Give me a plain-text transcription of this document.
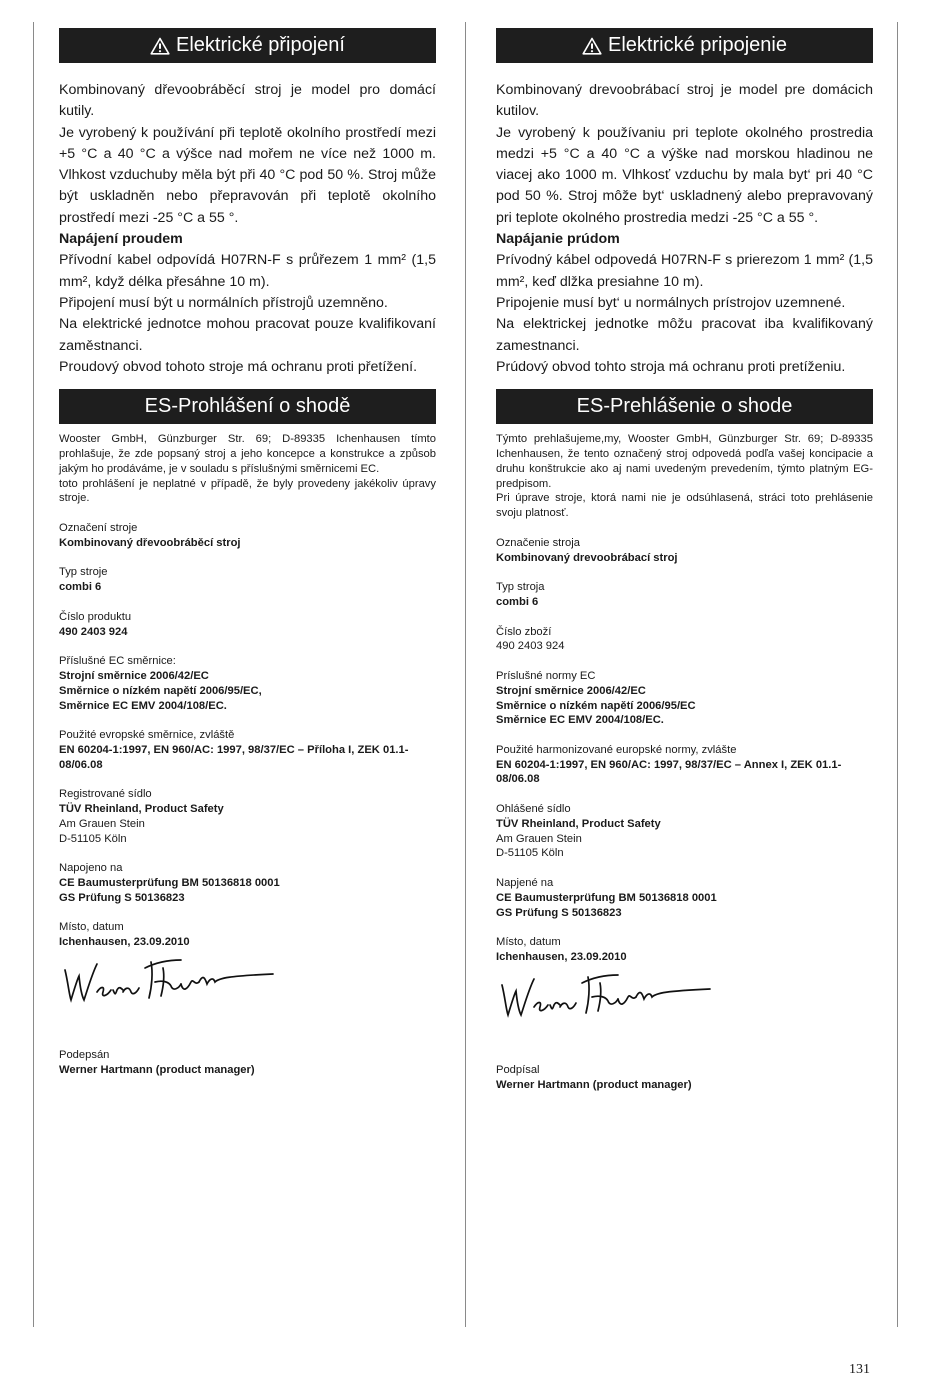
Elektrické připojení

Kombinovaný dřevoobráběcí stroj je model pro domácí kutily.

Je vyrobený k používání při teplotě okolního prostředí mezi +5 °C a 40 °C a výšce nad mořem ne více než 1000 m. Vlhkost vzduchuby měla být při 40 °C pod 50 %. Stroj může být uskladněn nebo přepravován při teplotě okolního prostředí mezi -25 °C a 55 °.

Napájení proudem

Přívodní kabel odpovídá H07RN-F s průřezem 1 mm² (1,5 mm², když délka přesáhne 10 m).

Připojení musí být u normálních přístrojů uzemněno.

Na elektrické jednotce mohou pracovat pouze kvalifikovaní zaměstnanci.

Proudový obvod tohoto stroje má ochranu proti přetížení.

ES-Prohlášení o shodě

Wooster GmbH, Günzburger Str. 69; D-89335 Ichenhausen tímto prohlašuje, že zde popsaný stroj a jeho koncepce a konstrukce a způsob jakým ho prodáváme, je v souladu s příslušnými směrnicemi EC.

toto prohlášení je neplatné v případě, že byly provedeny jakékoliv úpravy stroje.

Označení stroje
Kombinovaný dřevoobráběcí stroj
Typ stroje
combi 6
Číslo produktu
490 2403 924
Příslušné EC směrnice:
Strojní směrnice 2006/42/EC
Směrnice o nízkém napětí 2006/95/EC,
Směrnice EC EMV 2004/108/EC.
Použité evropské směrnice, zvláště
EN 60204-1:1997, EN 960/AC: 1997, 98/37/EC – Příloha I, ZEK 01.1-08/06.08
Registrované sídlo
TÜV Rheinland, Product Safety
Am Grauen Stein
D-51105 Köln
Napojeno na
CE Baumusterprüfung BM 50136818 0001
GS Prüfung S 50136823
Místo, datum
Ichenhausen, 23.09.2010
Podepsán
Werner Hartmann (product manager)
Elektrické pripojenie

Kombinovaný drevoobrábací stroj je model pre domácich kutilov.

Je vyrobený k používaniu pri teplote okolného prostredia medzi +5 °C a 40 °C a výške nad morskou hladinou ne viacej ako 1000 m. Vlhkosť vzduchu by mala byt‘ pri 40 °C pod 50 %. Stroj môže byt‘ uskladnený alebo prepravovaný pri teplote okolného prostredia medzi -25 °C a 55 °.

Napájanie prúdom

Prívodný kábel odpovedá H07RN-F s prierezom 1 mm² (1,5 mm², keď dlžka presiahne 10 m).

Pripojenie musí byt‘ u normálnych prístrojov uzemnené.

Na elektrickej jednotke môžu pracovat iba kvalifikovaný zamestnanci.

Prúdový obvod tohto stroja má ochranu proti pretíženiu.

ES-Prehlášenie o shode

Týmto prehlašujeme,my, Wooster GmbH, Günzburger Str. 69; D-89335 Ichenhausen, že tento označený stroj odpovedá podľa vašej koncipacie a druhu konštrukcie ako aj nami uvedeným prevedením, týmto platným EG-predpisom.

Pri úprave stroje, ktorá nami nie je odsúhlasená, stráci toto prehlásenie svoju platnosť.

Označenie stroja
Kombinovaný drevoobrábací stroj
Typ stroja
combi 6
Číslo zboží
490 2403 924
Príslušné normy EC
Strojní směrnice 2006/42/EC
Směrnice o nízkém napětí 2006/95/EC
Směrnice EC EMV 2004/108/EC.
Použité harmonizované europské normy, zvlášte
EN 60204-1:1997, EN 960/AC: 1997, 98/37/EC – Annex I, ZEK 01.1-08/06.08
Ohlášené sídlo
TÜV Rheinland, Product Safety
Am Grauen Stein
D-51105 Köln
Napjené na
CE Baumusterprüfung BM 50136818 0001
GS Prüfung S 50136823
Místo, datum
Ichenhausen, 23.09.2010
Podpísal
Werner Hartmann (product manager)
131
